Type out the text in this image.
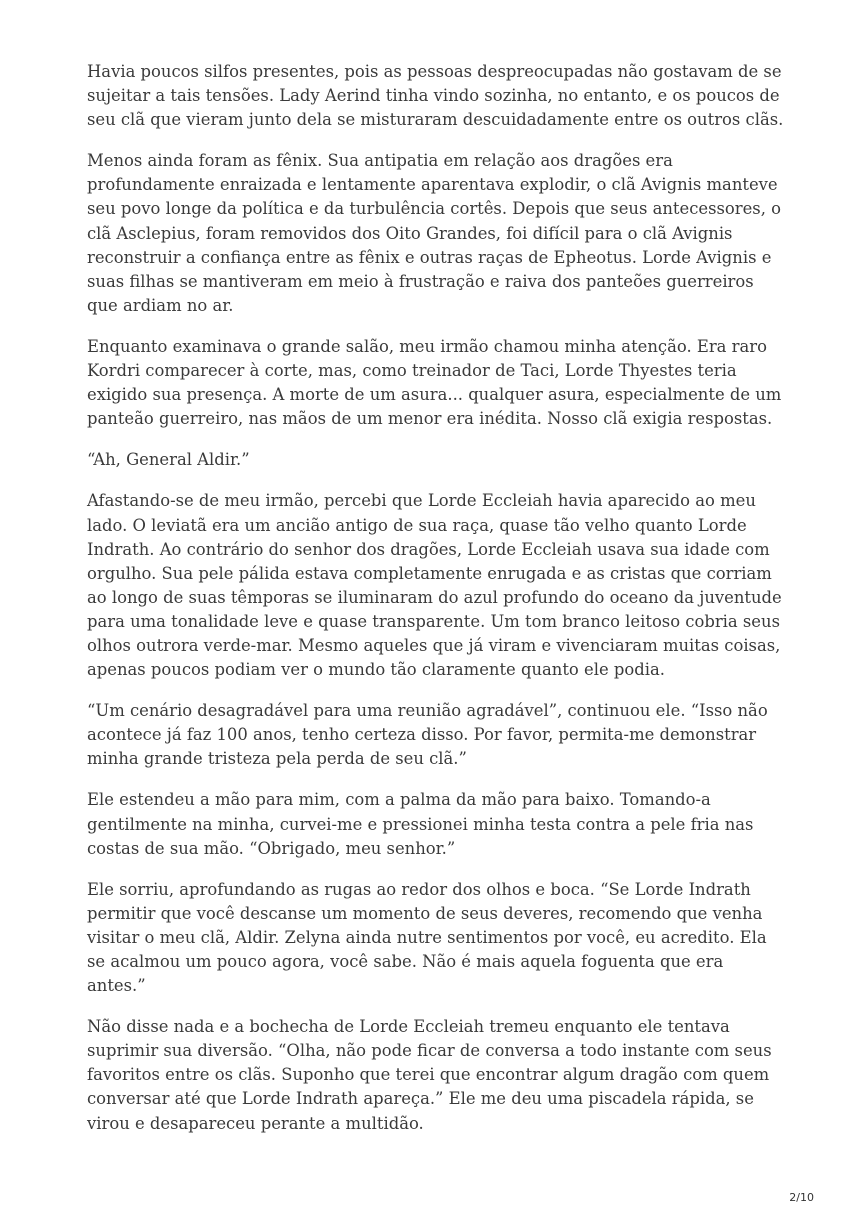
Havia poucos silfos presentes, pois as pessoas despreocupadas não gostavam de se sujeitar a tais tensões. Lady Aerind tinha vindo sozinha, no entanto, e os poucos de seu clã que vieram junto dela se misturaram descuidadamente entre os outros clãs.

Menos ainda foram as fênix. Sua antipatia em relação aos dragões era profundamente enraizada e lentamente aparentava explodir, o clã Avignis manteve seu povo longe da política e da turbulência cortês. Depois que seus antecessores, o clã Asclepius, foram removidos dos Oito Grandes, foi difícil para o clã Avignis reconstruir a confiança entre as fênix e outras raças de Epheotus. Lorde Avignis e suas filhas se mantiveram em meio à frustração e raiva dos panteões guerreiros que ardiam no ar.

Enquanto examinava o grande salão, meu irmão chamou minha atenção. Era raro Kordri comparecer à corte, mas, como treinador de Taci, Lorde Thyestes teria exigido sua presença. A morte de um asura... qualquer asura, especialmente de um panteão guerreiro, nas mãos de um menor era inédita. Nosso clã exigia respostas.

“Ah, General Aldir.”

Afastando-se de meu irmão, percebi que Lorde Eccleiah havia aparecido ao meu lado. O leviatã era um ancião antigo de sua raça, quase tão velho quanto Lorde Indrath. Ao contrário do senhor dos dragões, Lorde Eccleiah usava sua idade com orgulho. Sua pele pálida estava completamente enrugada e as cristas que corriam ao longo de suas têmporas se iluminaram do azul profundo do oceano da juventude para uma tonalidade leve e quase transparente. Um tom branco leitoso cobria seus olhos outrora verde-mar. Mesmo aqueles que já viram e vivenciaram muitas coisas, apenas poucos podiam ver o mundo tão claramente quanto ele podia.

“Um cenário desagradável para uma reunião agradável”, continuou ele. “Isso não acontece já faz 100 anos, tenho certeza disso. Por favor, permita-me demonstrar minha grande tristeza pela perda de seu clã.”

Ele estendeu a mão para mim, com a palma da mão para baixo. Tomando-a gentilmente na minha, curvei-me e pressionei minha testa contra a pele fria nas costas de sua mão. “Obrigado, meu senhor.”

Ele sorriu, aprofundando as rugas ao redor dos olhos e boca. “Se Lorde Indrath permitir que você descanse um momento de seus deveres, recomendo que venha visitar o meu clã, Aldir. Zelyna ainda nutre sentimentos por você, eu acredito. Ela se acalmou um pouco agora, você sabe. Não é mais aquela foguenta que era antes.”

Não disse nada e a bochecha de Lorde Eccleiah tremeu enquanto ele tentava suprimir sua diversão. “Olha, não pode ficar de conversa a todo instante com seus favoritos entre os clãs. Suponho que terei que encontrar algum dragão com quem conversar até que Lorde Indrath apareça.” Ele me deu uma piscadela rápida, se virou e desapareceu perante a multidão.

2/10
